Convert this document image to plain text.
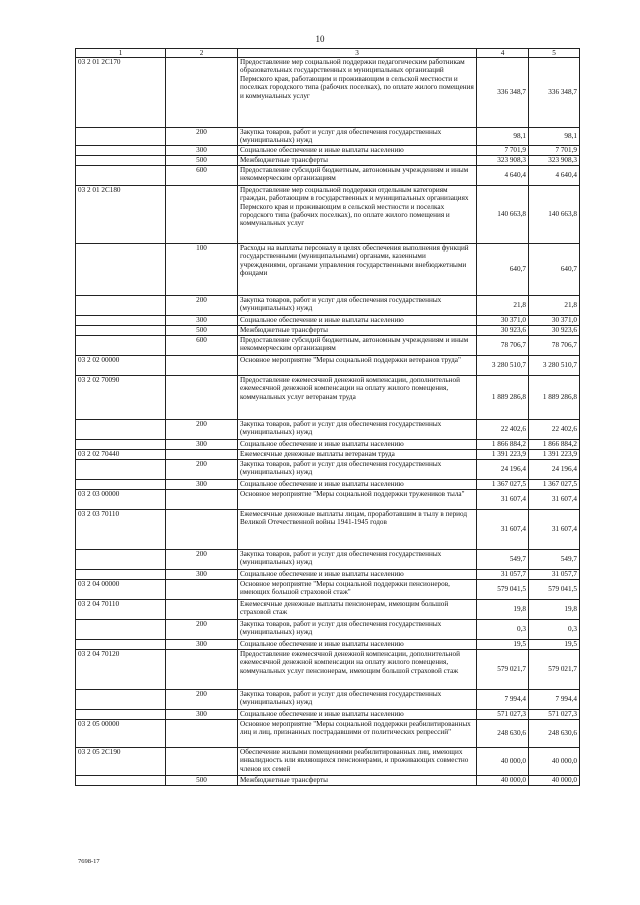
10
1	2	3	4	5
03 2 01 2C170		Предоставление мер социальной поддержки педагогическим работникам образовательных государственных и муниципальных организаций Пермского края, работающим и проживающим в сельской местности и поселках городского типа (рабочих поселках), по оплате жилого помещения и коммунальных услуг	336 348,7	336 348,7
	200	Закупка товаров, работ и услуг для обеспечения государственных (муниципальных) нужд	98,1	98,1
	300	Социальное обеспечение и иные выплаты населению	7 701,9	7 701,9
	500	Межбюджетные трансферты	323 908,3	323 908,3
	600	Предоставление субсидий бюджетным, автономным учреждениям и иным некоммерческим организациям	4 640,4	4 640,4
03 2 01 2C180		Предоставление мер социальной поддержки отдельным категориям граждан, работающим в государственных и муниципальных организациях Пермского края и проживающим в сельской местности и поселках городского типа (рабочих поселках), по оплате жилого помещения и коммунальных услуг	140 663,8	140 663,8
	100	Расходы на выплаты персоналу в целях обеспечения выполнения функций государственными (муниципальными) органами, казенными учреждениями, органами управления государственными внебюджетными фондами	640,7	640,7
	200	Закупка товаров, работ и услуг для обеспечения государственных (муниципальных) нужд	21,8	21,8
	300	Социальное обеспечение и иные выплаты населению	30 371,0	30 371,0
	500	Межбюджетные трансферты	30 923,6	30 923,6
	600	Предоставление субсидий бюджетным, автономным учреждениям и иным некоммерческим организациям	78 706,7	78 706,7
03 2 02 00000		Основное мероприятие "Меры социальной поддержки ветеранов труда"	3 280 510,7	3 280 510,7
03 2 02 70090		Предоставление ежемесячной денежной компенсации, дополнительной ежемесячной денежной компенсации на оплату жилого помещения, коммунальных услуг ветеранам труда	1 889 286,8	1 889 286,8
	200	Закупка товаров, работ и услуг для обеспечения государственных (муниципальных) нужд	22 402,6	22 402,6
	300	Социальное обеспечение и иные выплаты населению	1 866 884,2	1 866 884,2
03 2 02 70440		Ежемесячные денежные выплаты ветеранам труда	1 391 223,9	1 391 223,9
	200	Закупка товаров, работ и услуг для обеспечения государственных (муниципальных) нужд	24 196,4	24 196,4
	300	Социальное обеспечение и иные выплаты населению	1 367 027,5	1 367 027,5
03 2 03 00000		Основное мероприятие "Меры социальной поддержки тружеников тыла"	31 607,4	31 607,4
03 2 03 70110		Ежемесячные денежные выплаты лицам, проработавшим в тылу в период Великой Отечественной войны 1941-1945 годов	31 607,4	31 607,4
	200	Закупка товаров, работ и услуг для обеспечения государственных (муниципальных) нужд	549,7	549,7
	300	Социальное обеспечение и иные выплаты населению	31 057,7	31 057,7
03 2 04 00000		Основное мероприятие "Меры социальной поддержки пенсионеров, имеющих большой страховой стаж"	579 041,5	579 041,5
03 2 04 70110		Ежемесячные денежные выплаты пенсионерам, имеющим большой страховой стаж	19,8	19,8
	200	Закупка товаров, работ и услуг для обеспечения государственных (муниципальных) нужд	0,3	0,3
	300	Социальное обеспечение и иные выплаты населению	19,5	19,5
03 2 04 70120		Предоставление ежемесячной денежной компенсации, дополнительной ежемесячной денежной компенсации на оплату жилого помещения, коммунальных услуг пенсионерам, имеющим большой страховой стаж	579 021,7	579 021,7
	200	Закупка товаров, работ и услуг для обеспечения государственных (муниципальных) нужд	7 994,4	7 994,4
	300	Социальное обеспечение и иные выплаты населению	571 027,3	571 027,3
03 2 05 00000		Основное мероприятие "Меры социальной поддержки реабилитированных лиц и лиц, признанных пострадавшими от политических репрессий"	248 630,6	248 630,6
03 2 05 2C190		Обеспечение жилыми помещениями реабилитированных лиц, имеющих инвалидность или являющихся пенсионерами, и проживающих совместно членов их семей	40 000,0	40 000,0
	500	Межбюджетные трансферты	40 000,0	40 000,0
7698-17
